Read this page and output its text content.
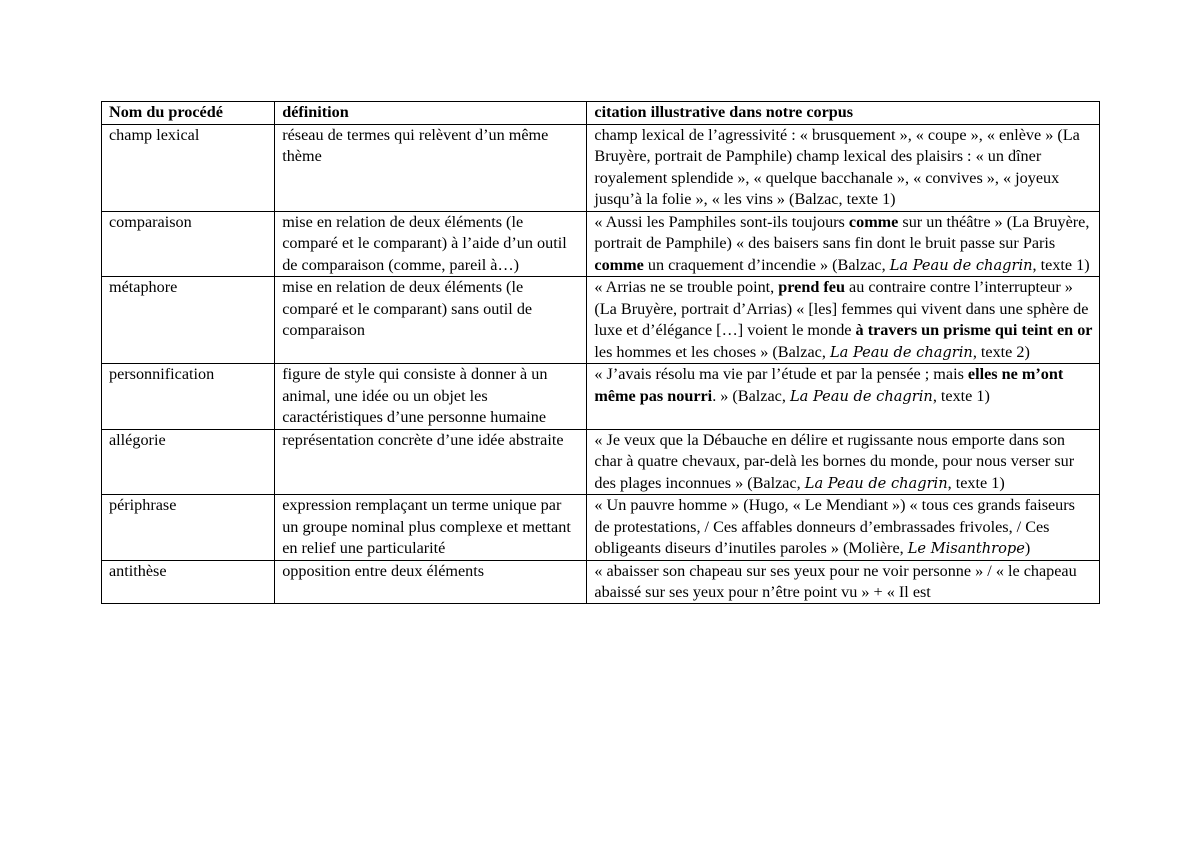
Nom du procédé	définition	citation illustrative dans notre corpus
champ lexical	réseau de termes qui relèvent d’un même thème	champ lexical de l’agressivité : « brusquement », « coupe », « enlève » (La Bruyère, portrait de Pamphile) champ lexical des plaisirs : « un dîner royalement splendide », « quelque bacchanale », « convives », « joyeux jusqu’à la folie », « les vins » (Balzac, texte 1)
comparaison	mise en relation de deux éléments (le comparé et le comparant) à l’aide d’un outil de comparaison (comme, pareil à…)	« Aussi les Pamphiles sont-ils toujours comme sur un théâtre » (La Bruyère, portrait de Pamphile) « des baisers sans fin dont le bruit passe sur Paris comme un craquement d’incendie » (Balzac, La Peau de chagrin, texte 1)
métaphore	mise en relation de deux éléments (le comparé et le comparant) sans outil de comparaison	« Arrias ne se trouble point, prend feu au contraire contre l’interrupteur » (La Bruyère, portrait d’Arrias) « [les] femmes qui vivent dans une sphère de luxe et d’élégance […] voient le monde à travers un prisme qui teint en or les hommes et les choses » (Balzac, La Peau de chagrin, texte 2)
personnification	figure de style qui consiste à donner à un animal, une idée ou un objet les caractéristiques d’une personne humaine	« J’avais résolu ma vie par l’étude et par la pensée ; mais elles ne m’ont même pas nourri. » (Balzac, La Peau de chagrin, texte 1)
allégorie	représentation concrète d’une idée abstraite	« Je veux que la Débauche en délire et rugissante nous emporte dans son char à quatre chevaux, par-delà les bornes du monde, pour nous verser sur des plages inconnues » (Balzac, La Peau de chagrin, texte 1)
périphrase	expression remplaçant un terme unique par un groupe nominal plus complexe et mettant en relief une particularité	« Un pauvre homme » (Hugo, « Le Mendiant ») « tous ces grands faiseurs de protestations, / Ces affables donneurs d’embrassades frivoles, / Ces obligeants diseurs d’inutiles paroles » (Molière, Le Misanthrope)
antithèse	opposition entre deux éléments	« abaisser son chapeau sur ses yeux pour ne voir personne » / « le chapeau abaissé sur ses yeux pour n’être point vu » + « Il est
